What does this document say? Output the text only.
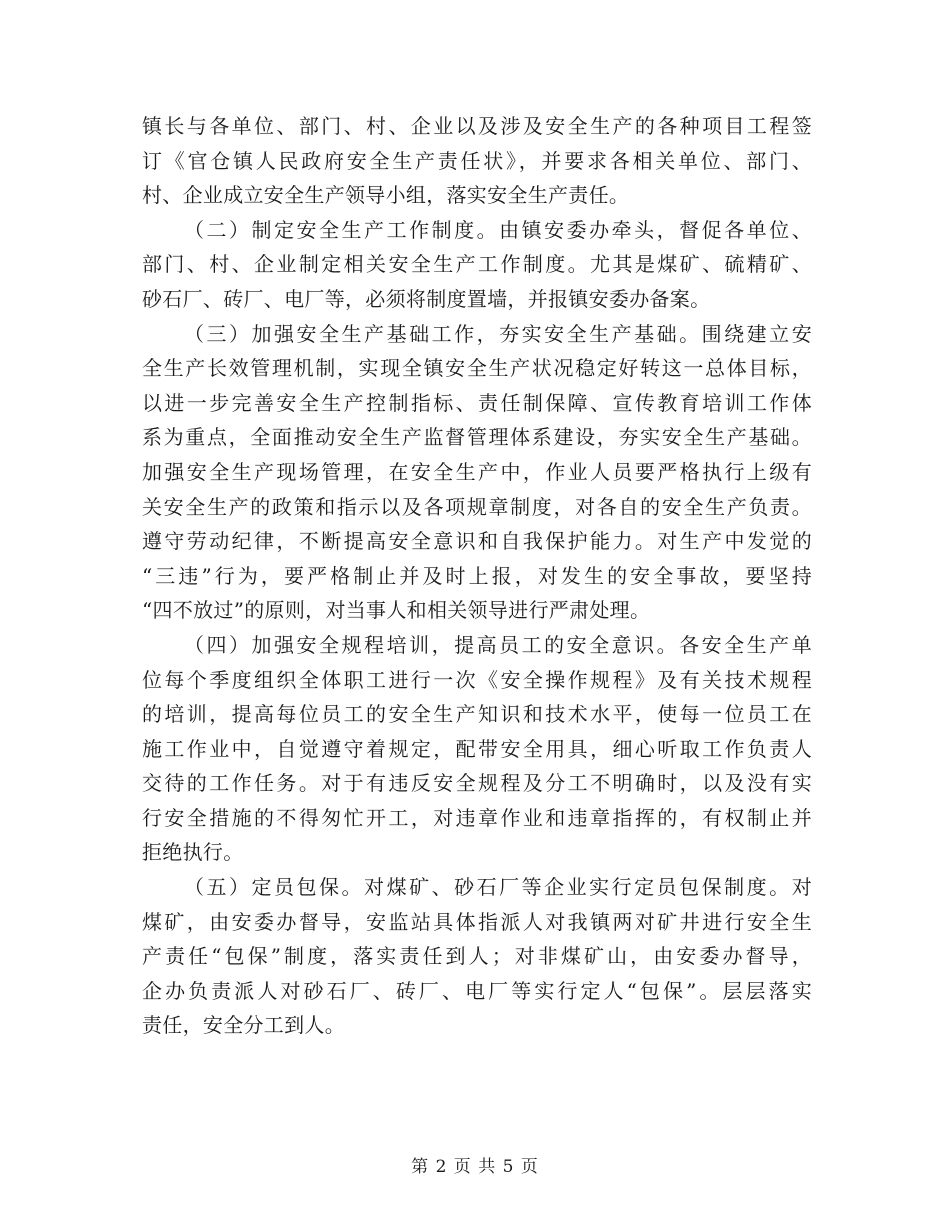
镇长与各单位、部门、村、企业以及涉及安全生产的各种项目工程签
订《官仓镇人民政府安全生产责任状》，并要求各相关单位、部门、
村、企业成立安全生产领导小组，落实安全生产责任。
（二）制定安全生产工作制度。由镇安委办牵头，督促各单位、
部门、村、企业制定相关安全生产工作制度。尤其是煤矿、硫精矿、
砂石厂、砖厂、电厂等，必须将制度置墙，并报镇安委办备案。
（三）加强安全生产基础工作，夯实安全生产基础。围绕建立安
全生产长效管理机制，实现全镇安全生产状况稳定好转这一总体目标，
以进一步完善安全生产控制指标、责任制保障、宣传教育培训工作体
系为重点，全面推动安全生产监督管理体系建设，夯实安全生产基础。
加强安全生产现场管理，在安全生产中，作业人员要严格执行上级有
关安全生产的政策和指示以及各项规章制度，对各自的安全生产负责。
遵守劳动纪律，不断提高安全意识和自我保护能力。对生产中发觉的
“三违”行为，要严格制止并及时上报，对发生的安全事故，要坚持
“四不放过”的原则，对当事人和相关领导进行严肃处理。
（四）加强安全规程培训，提高员工的安全意识。各安全生产单
位每个季度组织全体职工进行一次《安全操作规程》及有关技术规程
的培训，提高每位员工的安全生产知识和技术水平，使每一位员工在
施工作业中，自觉遵守着规定，配带安全用具，细心听取工作负责人
交待的工作任务。对于有违反安全规程及分工不明确时，以及没有实
行安全措施的不得匆忙开工，对违章作业和违章指挥的，有权制止并
拒绝执行。
（五）定员包保。对煤矿、砂石厂等企业实行定员包保制度。对
煤矿，由安委办督导，安监站具体指派人对我镇两对矿井进行安全生
产责任“包保”制度，落实责任到人；对非煤矿山，由安委办督导，
企办负责派人对砂石厂、砖厂、电厂等实行定人“包保”。层层落实
责任，安全分工到人。
第 2 页 共 5 页
